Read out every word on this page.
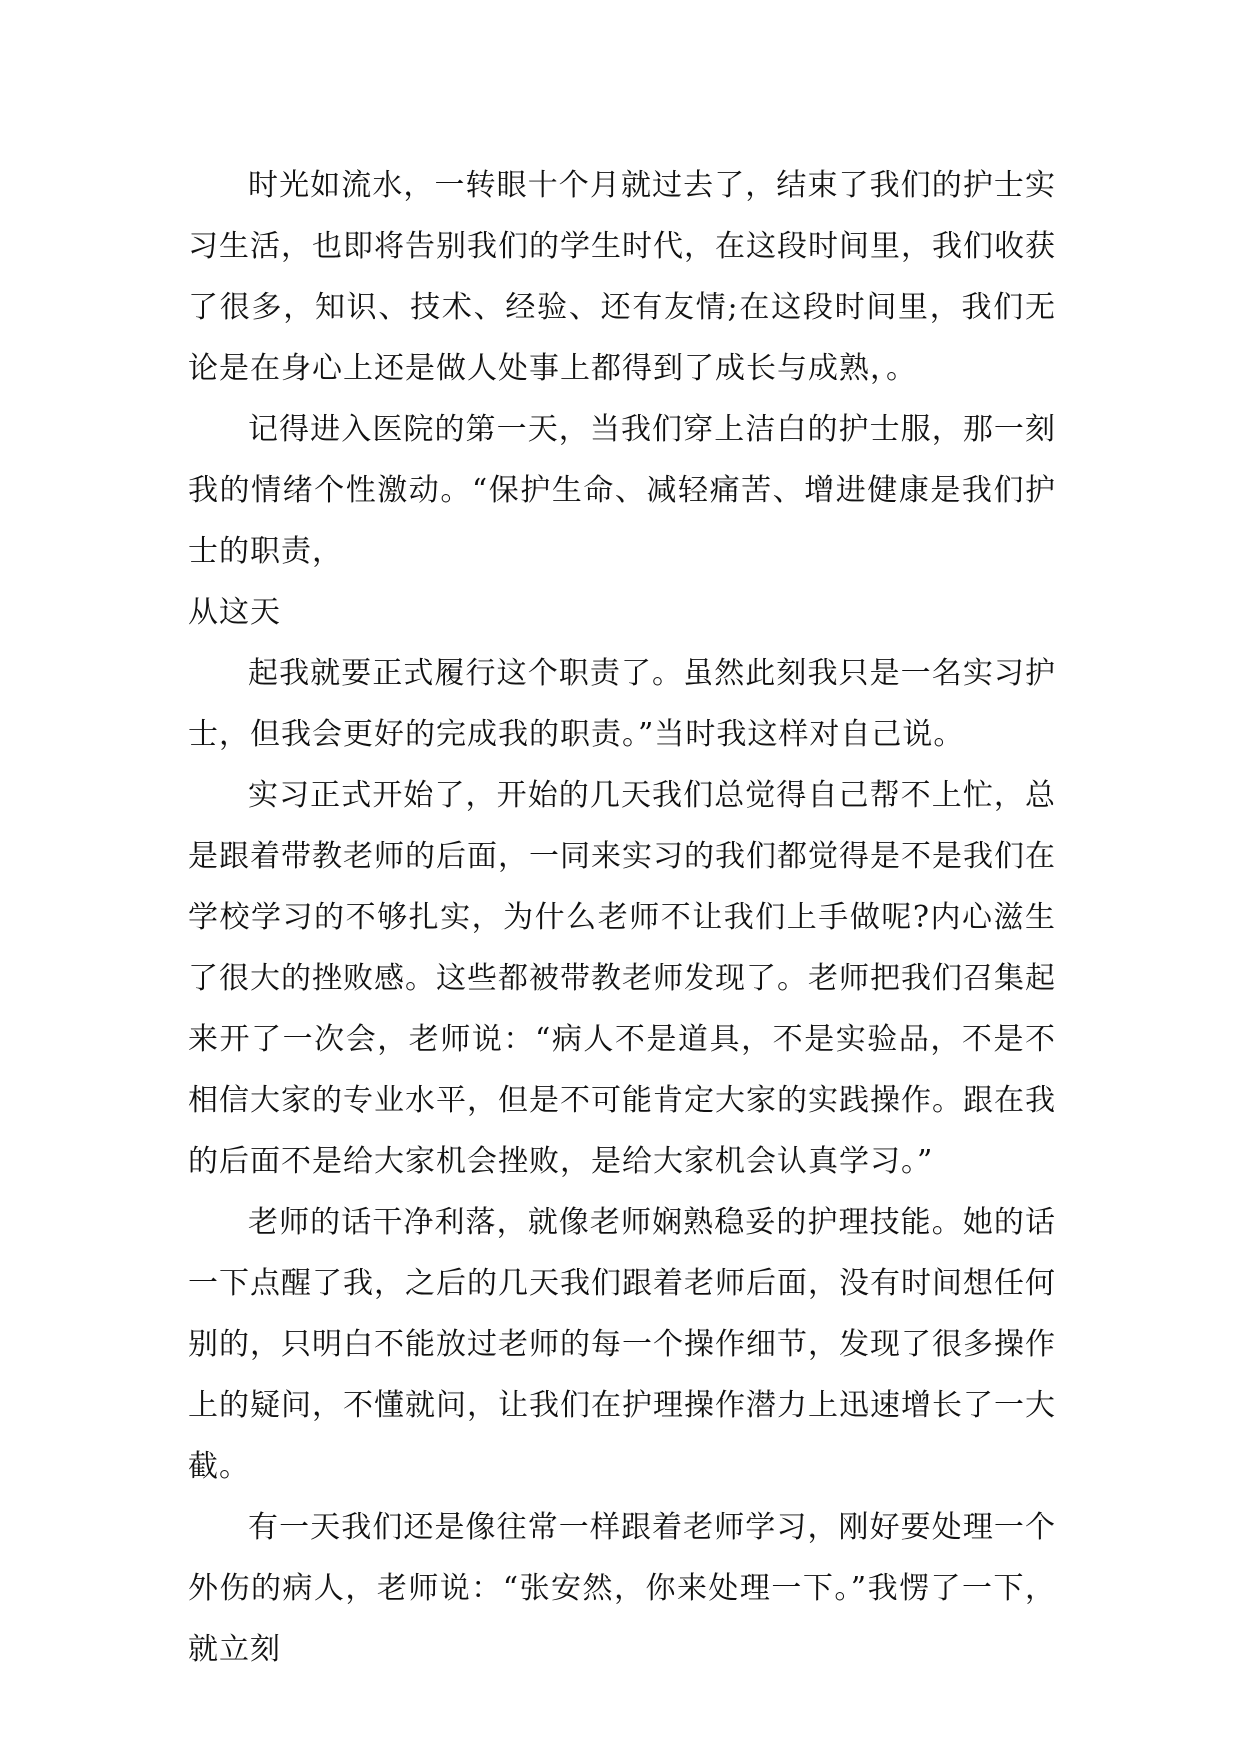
时光如流水，一转眼十个月就过去了，结束了我们的护士实习生活，也即将告别我们的学生时代，在这段时间里，我们收获了很多，知识、技术、经验、还有友情;在这段时间里，我们无论是在身心上还是做人处事上都得到了成长与成熟，。

记得进入医院的第一天，当我们穿上洁白的护士服，那一刻我的情绪个性激动。“保护生命、减轻痛苦、增进健康是我们护士的职责，

从这天

起我就要正式履行这个职责了。虽然此刻我只是一名实习护士，但我会更好的完成我的职责。”当时我这样对自己说。

实习正式开始了，开始的几天我们总觉得自己帮不上忙，总是跟着带教老师的后面，一同来实习的我们都觉得是不是我们在学校学习的不够扎实，为什么老师不让我们上手做呢?内心滋生了很大的挫败感。这些都被带教老师发现了。老师把我们召集起来开了一次会，老师说：“病人不是道具，不是实验品，不是不相信大家的专业水平，但是不可能肯定大家的实践操作。跟在我的后面不是给大家机会挫败，是给大家机会认真学习。”

老师的话干净利落，就像老师娴熟稳妥的护理技能。她的话一下点醒了我，之后的几天我们跟着老师后面，没有时间想任何别的，只明白不能放过老师的每一个操作细节，发现了很多操作上的疑问，不懂就问，让我们在护理操作潜力上迅速增长了一大截。

有一天我们还是像往常一样跟着老师学习，刚好要处理一个外伤的病人，老师说：“张安然，你来处理一下。”我愣了一下，就立刻
